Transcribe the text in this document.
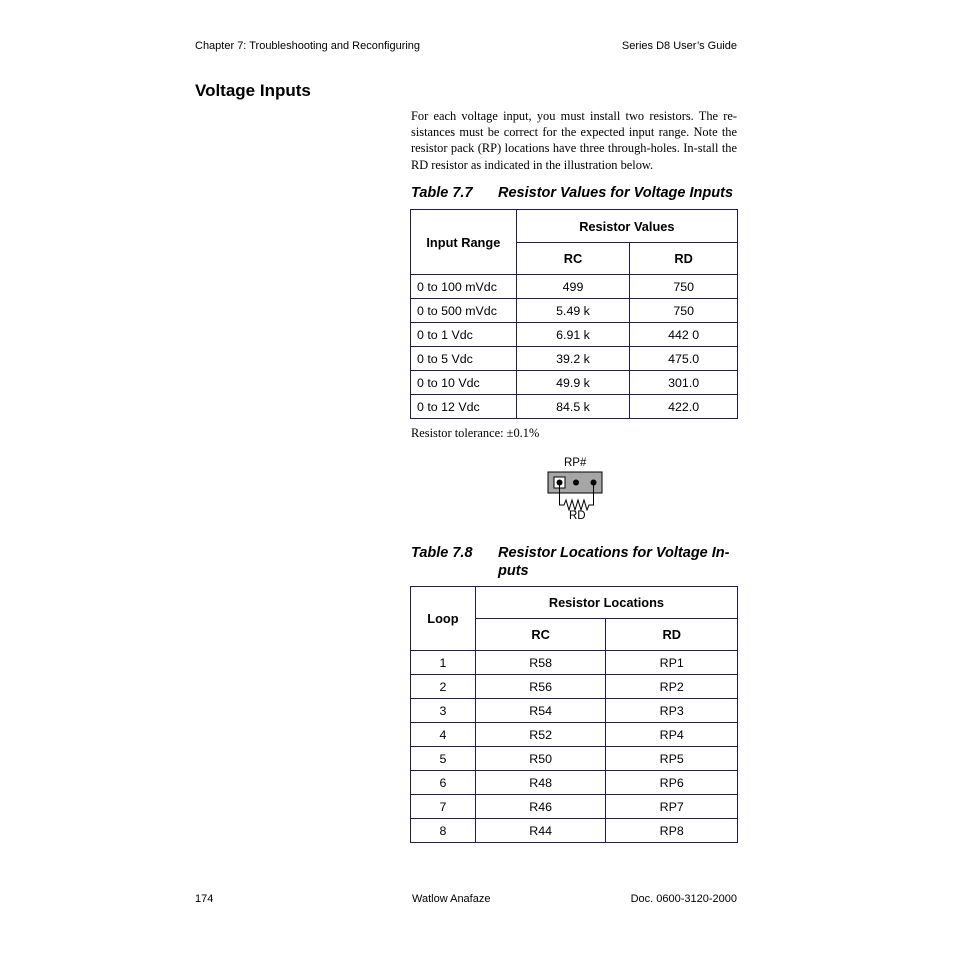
Chapter 7: Troubleshooting and Reconfiguring	Series D8 User’s Guide
Voltage Inputs
For each voltage input, you must install two resistors. The re-sistances must be correct for the expected input range. Note the resistor pack (RP) locations have three through-holes. In-stall the RD resistor as indicated in the illustration below.
Table 7.7 Resistor Values for Voltage Inputs
Input Range	Resistor Values	
	RC	RD
0 to 100 mVdc	499	750
0 to 500 mVdc	5.49 k	750
0 to 1 Vdc	6.91 k	442 0
0 to 5 Vdc	39.2 k	475.0
0 to 10 Vdc	49.9 k	301.0
0 to 12 Vdc	84.5 k	422.0
Resistor tolerance: ±0.1%
RP#
RD
Table 7.8 Resistor Locations for Voltage In-puts
Loop	Resistor Locations	
	RC	RD
1	R58	RP1
2	R56	RP2
3	R54	RP3
4	R52	RP4
5	R50	RP5
6	R48	RP6
7	R46	RP7
8	R44	RP8
174	Watlow Anafaze	Doc. 0600-3120-2000
